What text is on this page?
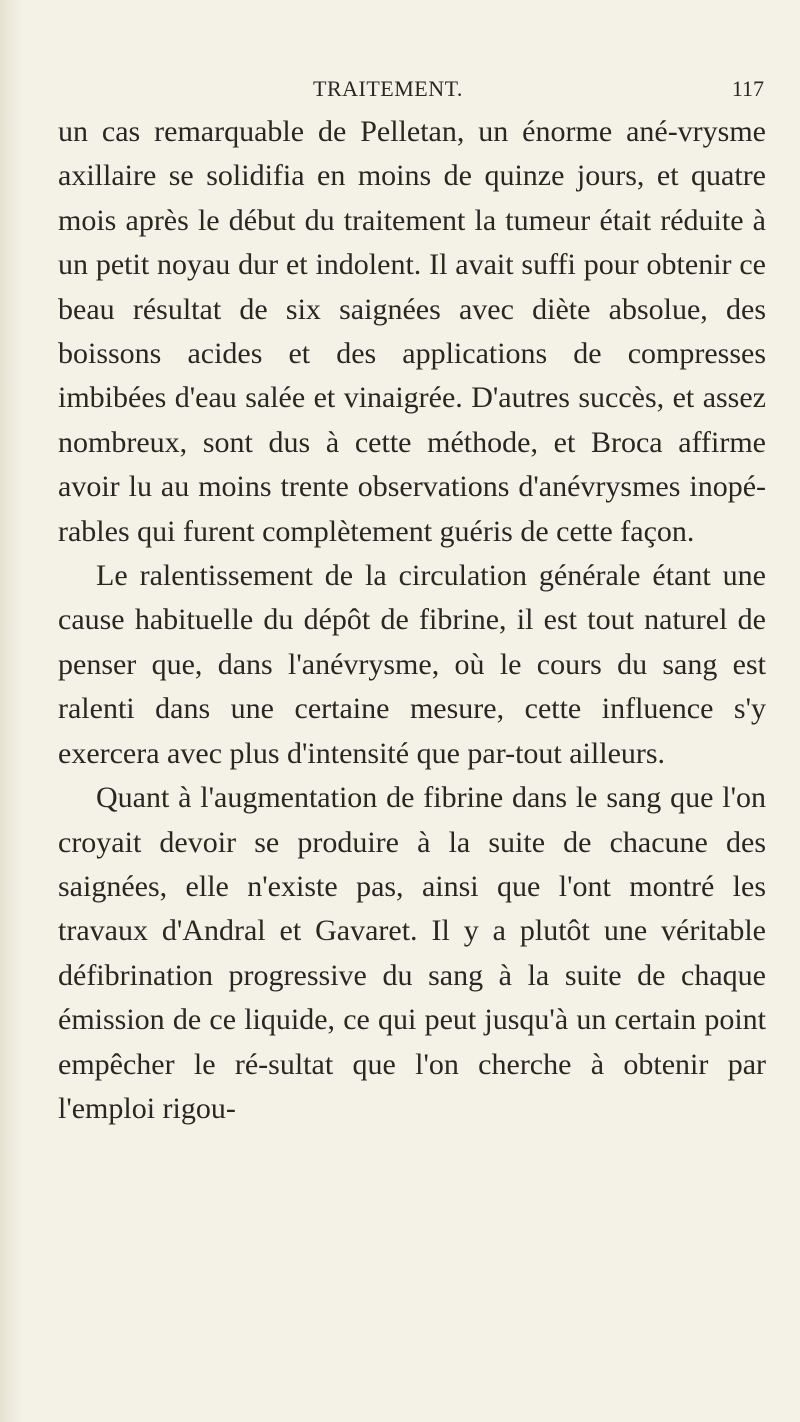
TRAITEMENT.	117

un cas remarquable de Pelletan, un énorme ané-vrysme axillaire se solidifia en moins de quinze jours, et quatre mois après le début du traitement la tumeur était réduite à un petit noyau dur et indolent. Il avait suffi pour obtenir ce beau résultat de six saignées avec diète absolue, des boissons acides et des applications de compresses imbibées d'eau salée et vinaigrée. D'autres succès, et assez nombreux, sont dus à cette méthode, et Broca affirme avoir lu au moins trente observations d'anévrysmes inopé-rables qui furent complètement guéris de cette façon.

Le ralentissement de la circulation générale étant une cause habituelle du dépôt de fibrine, il est tout naturel de penser que, dans l'anévrysme, où le cours du sang est ralenti dans une certaine mesure, cette influence s'y exercera avec plus d'intensité que par-tout ailleurs.

Quant à l'augmentation de fibrine dans le sang que l'on croyait devoir se produire à la suite de chacune des saignées, elle n'existe pas, ainsi que l'ont montré les travaux d'Andral et Gavaret. Il y a plutôt une véritable défibrination progressive du sang à la suite de chaque émission de ce liquide, ce qui peut jusqu'à un certain point empêcher le ré-sultat que l'on cherche à obtenir par l'emploi rigou-
